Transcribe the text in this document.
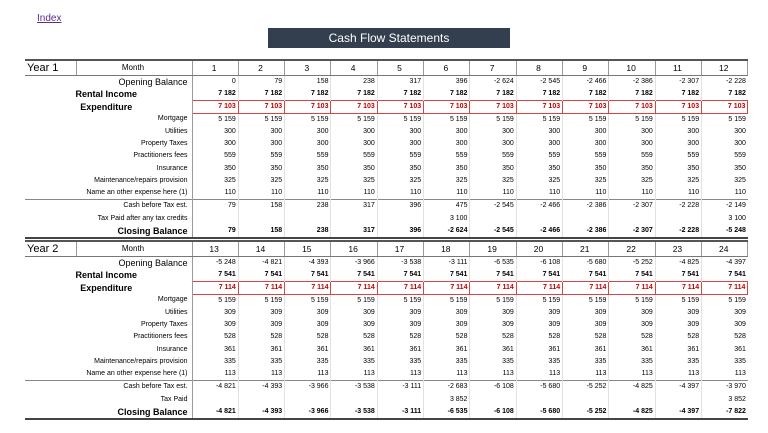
Index
Cash Flow Statements
Year 1	Month	1	2	3	4	5	6	7	8	9	10	11	12
Opening Balance		0	79	158	238	317	396	-2 624	-2 545	-2 466	-2 386	-2 307	-2 228
Rental Income		7 182	7 182	7 182	7 182	7 182	7 182	7 182	7 182	7 182	7 182	7 182	7 182
Expenditure		7 103	7 103	7 103	7 103	7 103	7 103	7 103	7 103	7 103	7 103	7 103	7 103
Mortgage		5 159	5 159	5 159	5 159	5 159	5 159	5 159	5 159	5 159	5 159	5 159	5 159
Utilities		300	300	300	300	300	300	300	300	300	300	300	300
Property Taxes		300	300	300	300	300	300	300	300	300	300	300	300
Practitioners fees		559	559	559	559	559	559	559	559	559	559	559	559
Insurance		350	350	350	350	350	350	350	350	350	350	350	350
Maintenance/repairs provision		325	325	325	325	325	325	325	325	325	325	325	325
Name an other expense here (1)		110	110	110	110	110	110	110	110	110	110	110	110
Cash before Tax est.		79	158	238	317	396	475	-2 545	-2 466	-2 386	-2 307	-2 228	-2 149
Tax Paid after any tax credits							3 100						3 100
Closing Balance		79	158	238	317	396	-2 624	-2 545	-2 466	-2 386	-2 307	-2 228	-5 248
Year 2	Month	13	14	15	16	17	18	19	20	21	22	23	24
Opening Balance		-5 248	-4 821	-4 393	-3 966	-3 538	-3 111	-6 535	-6 108	-5 680	-5 252	-4 825	-4 397
Rental Income		7 541	7 541	7 541	7 541	7 541	7 541	7 541	7 541	7 541	7 541	7 541	7 541
Expenditure		7 114	7 114	7 114	7 114	7 114	7 114	7 114	7 114	7 114	7 114	7 114	7 114
Mortgage		5 159	5 159	5 159	5 159	5 159	5 159	5 159	5 159	5 159	5 159	5 159	5 159
Utilities		309	309	309	309	309	309	309	309	309	309	309	309
Property Taxes		309	309	309	309	309	309	309	309	309	309	309	309
Practitioners fees		528	528	528	528	528	528	528	528	528	528	528	528
Insurance		361	361	361	361	361	361	361	361	361	361	361	361
Maintenance/repairs provision		335	335	335	335	335	335	335	335	335	335	335	335
Name an other expense here (1)		113	113	113	113	113	113	113	113	113	113	113	113
Cash before Tax est.		-4 821	-4 393	-3 966	-3 538	-3 111	-2 683	-6 108	-5 680	-5 252	-4 825	-4 397	-3 970
Tax Paid							3 852						3 852
Closing Balance		-4 821	-4 393	-3 966	-3 538	-3 111	-6 535	-6 108	-5 680	-5 252	-4 825	-4 397	-7 822
